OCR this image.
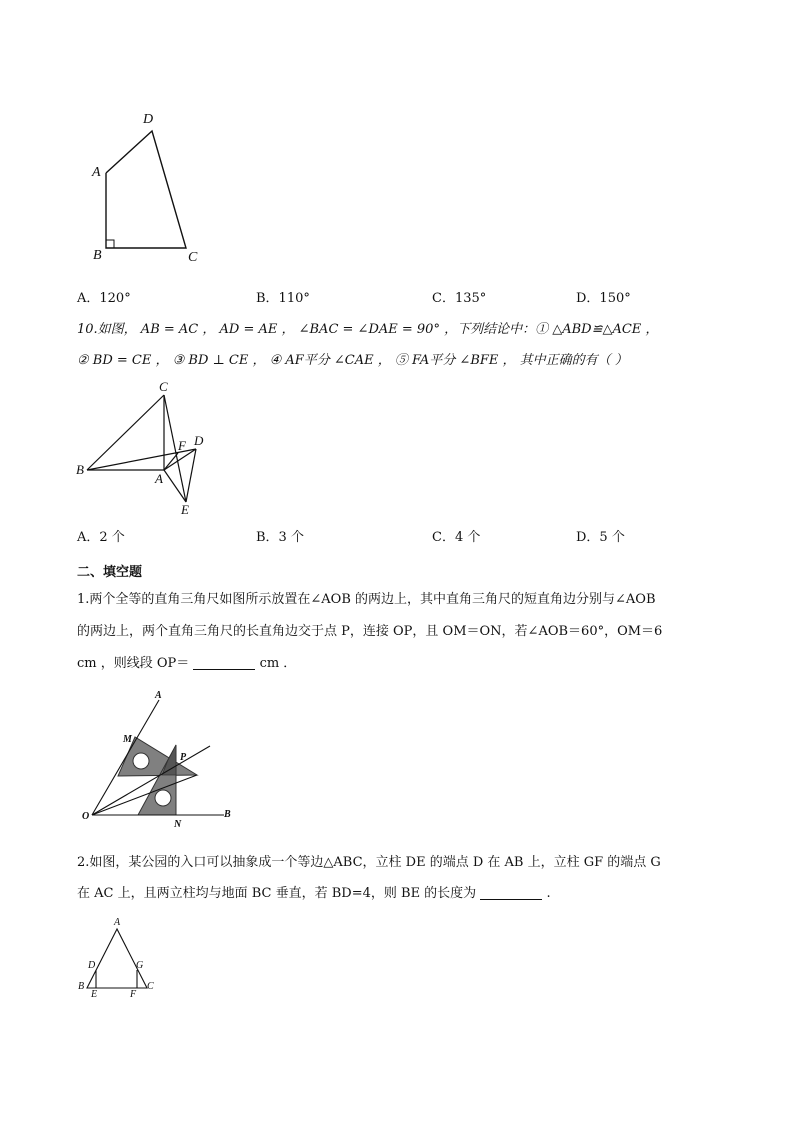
D
A
B	C
A．120°	B．110°	C．135°	D．150°
10.如图， AB = AC ， AD = AE ， ∠BAC = ∠DAE = 90° ，下列结论中：① △ABD≌△ACE ，
② BD = CE ， ③ BD ⊥ CE ， ④ AF平分 ∠CAE ， ⑤ FA平分 ∠BFE ， 其中正确的有（ ）
C
F D
B
A
E
A．2 个	B．3 个	C．4 个	D．5 个
二、填空题
1.两个全等的直角三角尺如图所示放置在∠AOB 的两边上，其中直角三角尺的短直角边分别与∠AOB
的两边上，两个直角三角尺的长直角边交于点 P，连接 OP，且 OM＝ON，若∠AOB＝60°，OM＝6
cm ，则线段 OP＝	cm ．
A
M
P
O
N
B
2.如图，某公园的入口可以抽象成一个等边△ABC，立柱 DE 的端点 D 在 AB 上，立柱 GF 的端点 G
在 AC 上，且两立柱均与地面 BC 垂直，若 BD=4，则 BE 的长度为	.
A
D	G
B
E	F
C
